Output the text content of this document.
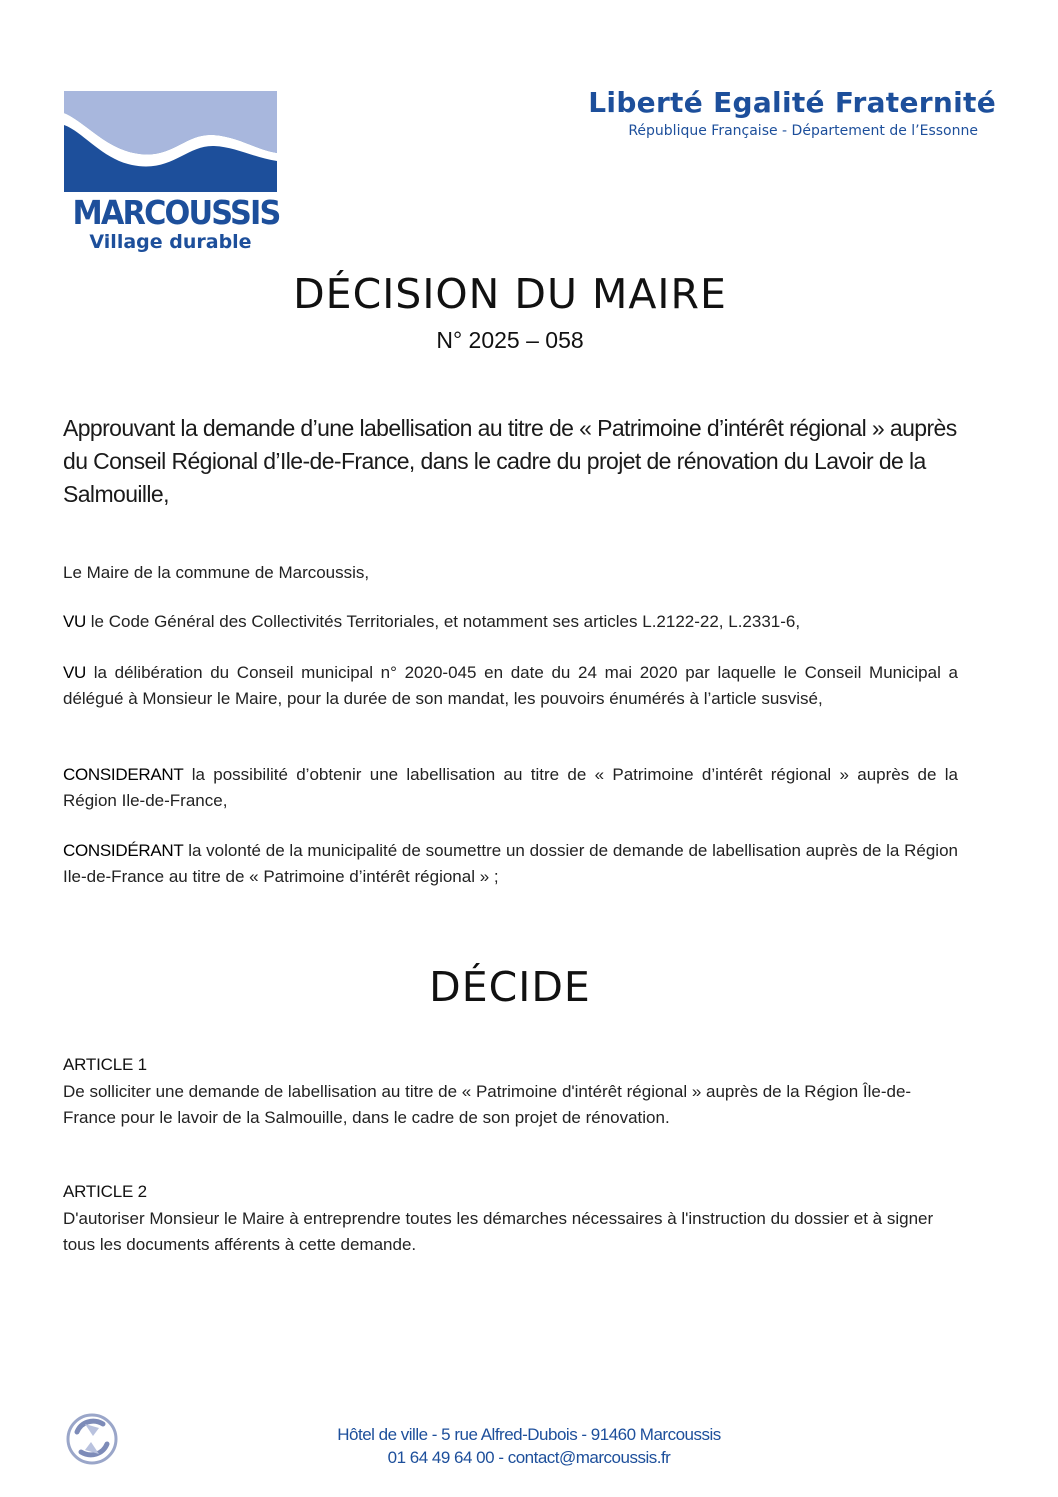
MARCOUSSIS
Village durable
Liberté Egalité Fraternité
République Française - Département de l’Essonne
DÉCISION DU MAIRE
N° 2025 – 058
Approuvant la demande d’une labellisation au titre de « Patrimoine d’intérêt régional » auprès du Conseil Régional d’Ile-de-France, dans le cadre du projet de rénovation du Lavoir de la Salmouille,
Le Maire de la commune de Marcoussis,
VU le Code Général des Collectivités Territoriales, et notamment ses articles L.2122-22, L.2331-6,
VU la délibération du Conseil municipal n° 2020-045 en date du 24 mai 2020 par laquelle le Conseil Municipal a délégué à Monsieur le Maire, pour la durée de son mandat, les pouvoirs énumérés à l’article susvisé,
CONSIDERANT la possibilité d’obtenir une labellisation au titre de « Patrimoine d’intérêt régional » auprès de la Région Ile-de-France,
CONSIDÉRANT la volonté de la municipalité de soumettre un dossier de demande de labellisation auprès de la Région Ile-de-France au titre de « Patrimoine d’intérêt régional » ;
DÉCIDE
ARTICLE 1
De solliciter une demande de labellisation au titre de « Patrimoine d'intérêt régional » auprès de la Région Île-de-France pour le lavoir de la Salmouille, dans le cadre de son projet de rénovation.
ARTICLE 2
D'autoriser Monsieur le Maire à entreprendre toutes les démarches nécessaires à l'instruction du dossier et à signer tous les documents afférents à cette demande.
Hôtel de ville - 5 rue Alfred-Dubois - 91460 Marcoussis
01 64 49 64 00 - contact@marcoussis.fr
